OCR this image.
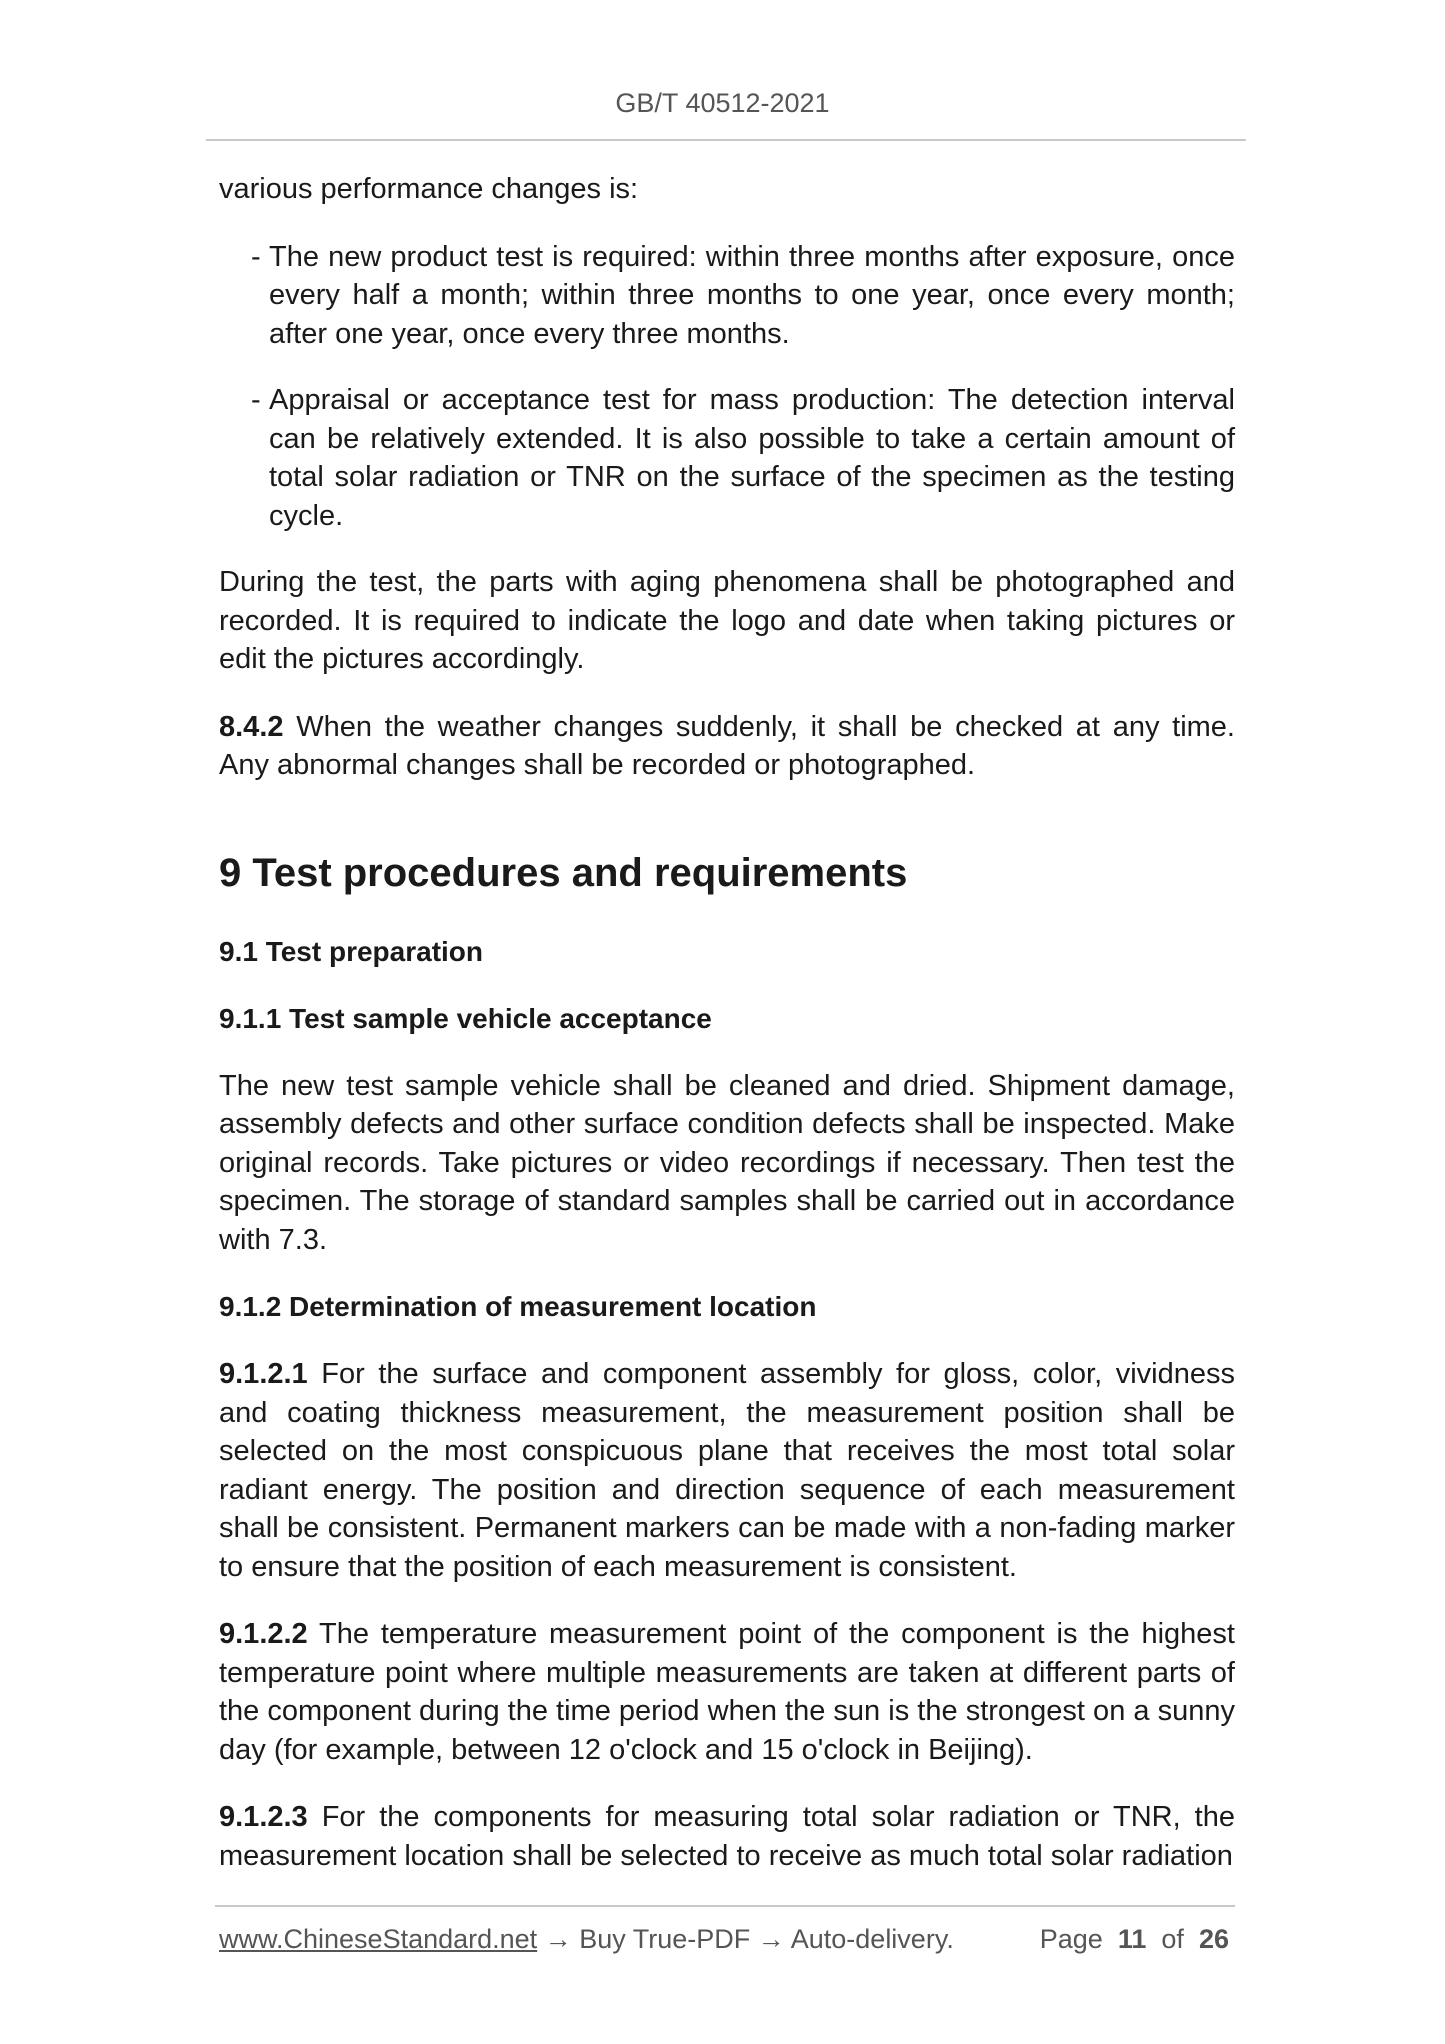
GB/T 40512-2021

various performance changes is:

- The new product test is required: within three months after exposure, once every half a month; within three months to one year, once every month; after one year, once every three months.
- Appraisal or acceptance test for mass production: The detection interval can be relatively extended. It is also possible to take a certain amount of total solar radiation or TNR on the surface of the specimen as the testing cycle.

During the test, the parts with aging phenomena shall be photographed and recorded. It is required to indicate the logo and date when taking pictures or edit the pictures accordingly.

8.4.2 When the weather changes suddenly, it shall be checked at any time. Any abnormal changes shall be recorded or photographed.

9 Test procedures and requirements
9.1 Test preparation
9.1.1 Test sample vehicle acceptance

The new test sample vehicle shall be cleaned and dried. Shipment damage, assembly defects and other surface condition defects shall be inspected. Make original records. Take pictures or video recordings if necessary. Then test the specimen. The storage of standard samples shall be carried out in accordance with 7.3.

9.1.2 Determination of measurement location

9.1.2.1 For the surface and component assembly for gloss, color, vividness and coating thickness measurement, the measurement position shall be selected on the most conspicuous plane that receives the most total solar radiant energy. The position and direction sequence of each measurement shall be consistent. Permanent markers can be made with a non-fading marker to ensure that the position of each measurement is consistent.

9.1.2.2 The temperature measurement point of the component is the highest temperature point where multiple measurements are taken at different parts of the component during the time period when the sun is the strongest on a sunny day (for example, between 12 o'clock and 15 o'clock in Beijing).

9.1.2.3 For the components for measuring total solar radiation or TNR, the measurement location shall be selected to receive as much total solar radiation

www.ChineseStandard.net → Buy True-PDF → Auto-delivery.	Page 11 of 26
